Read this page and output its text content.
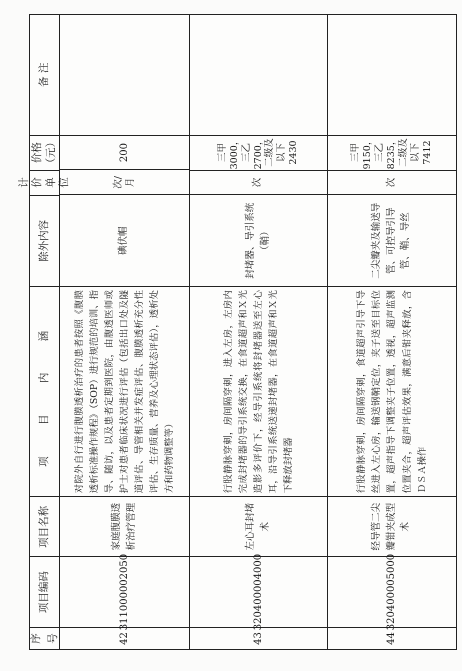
序号
项目编码
项目名称
项 目 内 涵
除外内容
计价
单位
价格
（元）
备 注
42
311000002050
家庭腹膜透析治疗管理
对院外自行进行腹膜透析治疗的患者按照《腹膜透析标准操作规程》（SOP）进行规范的培训、指导、随访，以及患者定期到医院，由腹透医师或护士对患者临床状况进行评估（包括出口处及隧道评估、导管相关并发症评估、腹膜透析充分性评估、生存质量、营养及心理状态评估），透析处方和药物调整等）
碘伏帽
次/月
200
43
320400004000
左心耳封堵术
行股静脉穿刺，房间隔穿刺，进入左房，左房内完成封堵器的导引系统交换，在食道超声和Ｘ光造影多评价下，经导引系统将封堵器送至左心耳，沿导引系统送递封堵器，在食道超声和Ｘ光下释放封堵器
封堵器、导引系统（鞘）
次
三甲3000，三乙2700，二级及以下2430
44
320400005000
经导管二尖瓣钳夹成型术
行股静脉穿刺，房间隔穿刺，食道超声引导下导丝进入左心房，输送钢鞘定位，夹子送至目标位置，超声指导下调整夹子位置，透视，超声监测位置夹合，超声评估效果，满意后钳夹释放，含ＤＳＡ操作
二尖瓣夹及输送导管、可控导引导管、鞘、导丝
次
三甲9150，三乙8235，二级及以下7412
